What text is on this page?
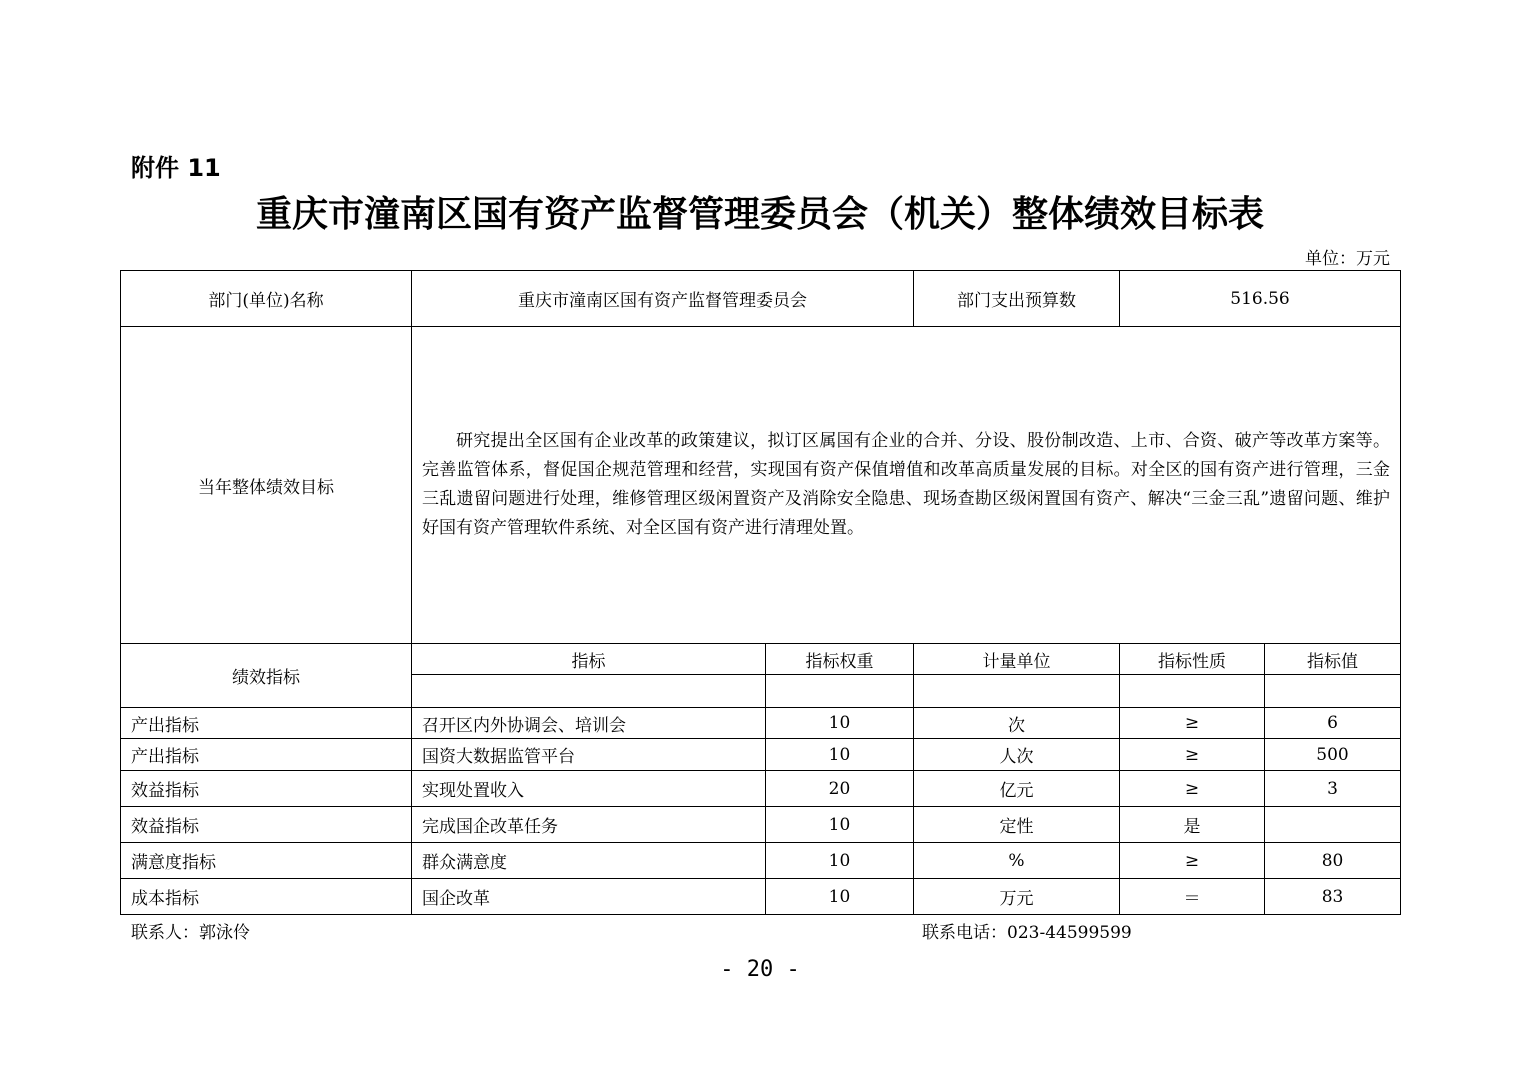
附件 11
重庆市潼南区国有资产监督管理委员会（机关）整体绩效目标表
单位：万元
部门(单位)名称	重庆市潼南区国有资产监督管理委员会		部门支出预算数	516.56	
当年整体绩效目标	研究提出全区国有企业改革的政策建议，拟订区属国有企业的合并、分设、股份制改造、上市、合资、破产等改革方案等。完善监管体系，督促国企规范管理和经营，实现国有资产保值增值和改革高质量发展的目标。对全区的国有资产进行管理，三金三乱遗留问题进行处理，维修管理区级闲置资产及消除安全隐患、现场查勘区级闲置国有资产、解决“三金三乱”遗留问题、维护好国有资产管理软件系统、对全区国有资产进行清理处置。				
绩效指标	指标	指标权重	计量单位	指标性质	指标值

产出指标	召开区内外协调会、培训会	10	次	≥	6
产出指标	国资大数据监管平台	10	人次	≥	500
效益指标	实现处置收入	20	亿元	≥	3
效益指标	完成国企改革任务	10	定性	是	
满意度指标	群众满意度	10	%	≥	80
成本指标	国企改革	10	万元	＝	83
联系人：郭泳伶	联系电话：023-44599599
- 20 -
